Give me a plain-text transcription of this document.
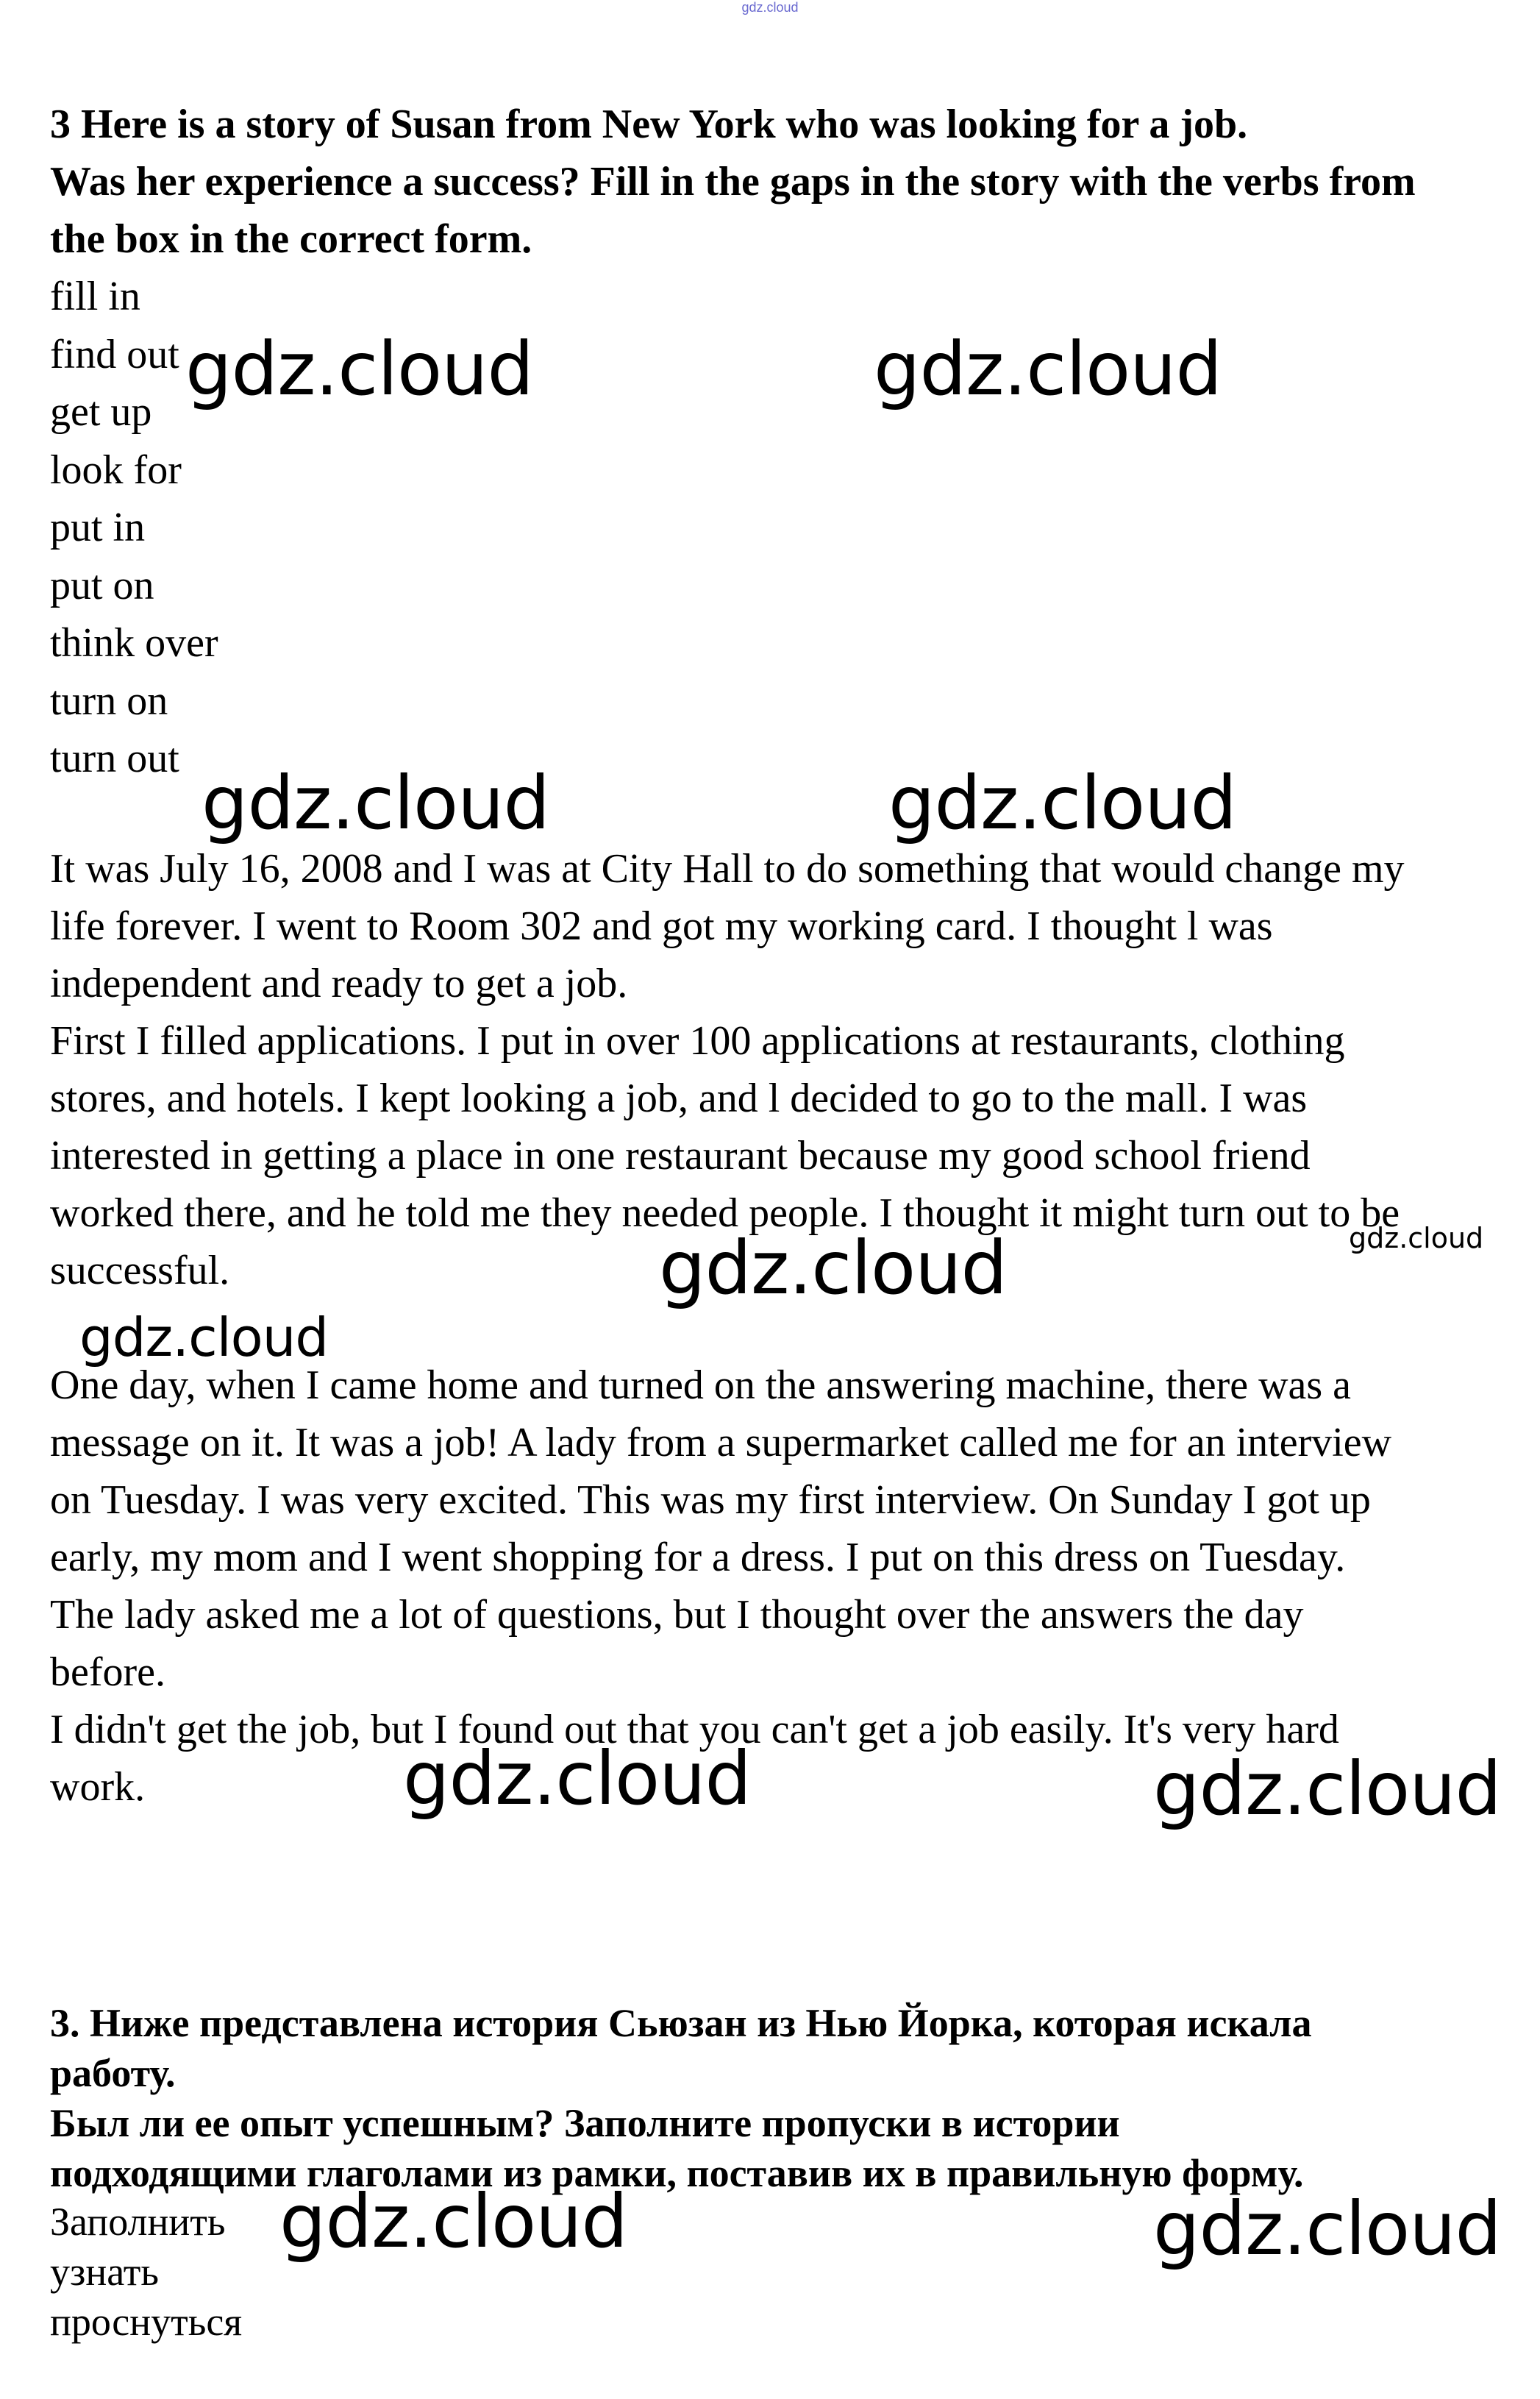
gdz.cloud
3 Here is a story of Susan from New York who was looking for a job.
Was her experience a success? Fill in the gaps in the story with the verbs from
the box in the correct form.
fill in
find out
get up
look for
put in
put on
think over
turn on
turn out
It was July 16, 2008 and I was at City Hall to do something that would change my
life forever. I went to Room 302 and got my working card. I thought l was
independent and ready to get a job.
First I filled applications. I put in over 100 applications at restaurants, clothing
stores, and hotels. I kept looking a job, and l decided to go to the mall. I was
interested in getting a place in one restaurant because my good school friend
worked there, and he told me they needed people. I thought it might turn out to be
successful.
One day, when I came home and turned on the answering machine, there was a
message on it. It was a job! A lady from a supermarket called me for an interview
on Tuesday. I was very excited. This was my first interview. On Sunday I got up
early, my mom and I went shopping for a dress. I put on this dress on Tuesday.
The lady asked me a lot of questions, but I thought over the answers the day
before.
I didn't get the job, but I found out that you can't get a job easily. It's very hard
work.
3. Ниже представлена история Сьюзан из Нью Йорка, которая искала
работу.
Был ли ее опыт успешным? Заполните пропуски в истории
подходящими глаголами из рамки, поставив их в правильную форму.
Заполнить
узнать
проснуться
gdz.cloud	gdz.cloud
gdz.cloud	gdz.cloud
gdz.cloud
gdz.cloud
gdz.cloud
gdz.cloud	gdz.cloud
gdz.cloud	gdz.cloud
